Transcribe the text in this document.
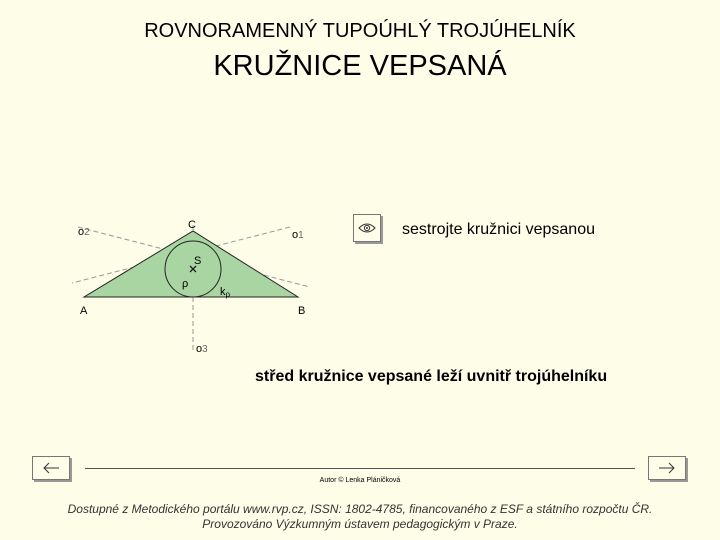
ROVNORAMENNÝ TUPOÚHLÝ TROJÚHELNÍK
KRUŽNICE VEPSANÁ
C
S
ρ
kρ
A	B
o1
o2
o3
sestrojte kružnici vepsanou
střed kružnice vepsané leží uvnitř trojúhelníku
Autor © Lenka Pláničková
Dostupné z Metodického portálu www.rvp.cz, ISSN: 1802-4785, financovaného z ESF a státního rozpočtu ČR.
Provozováno Výzkumným ústavem pedagogickým v Praze.
